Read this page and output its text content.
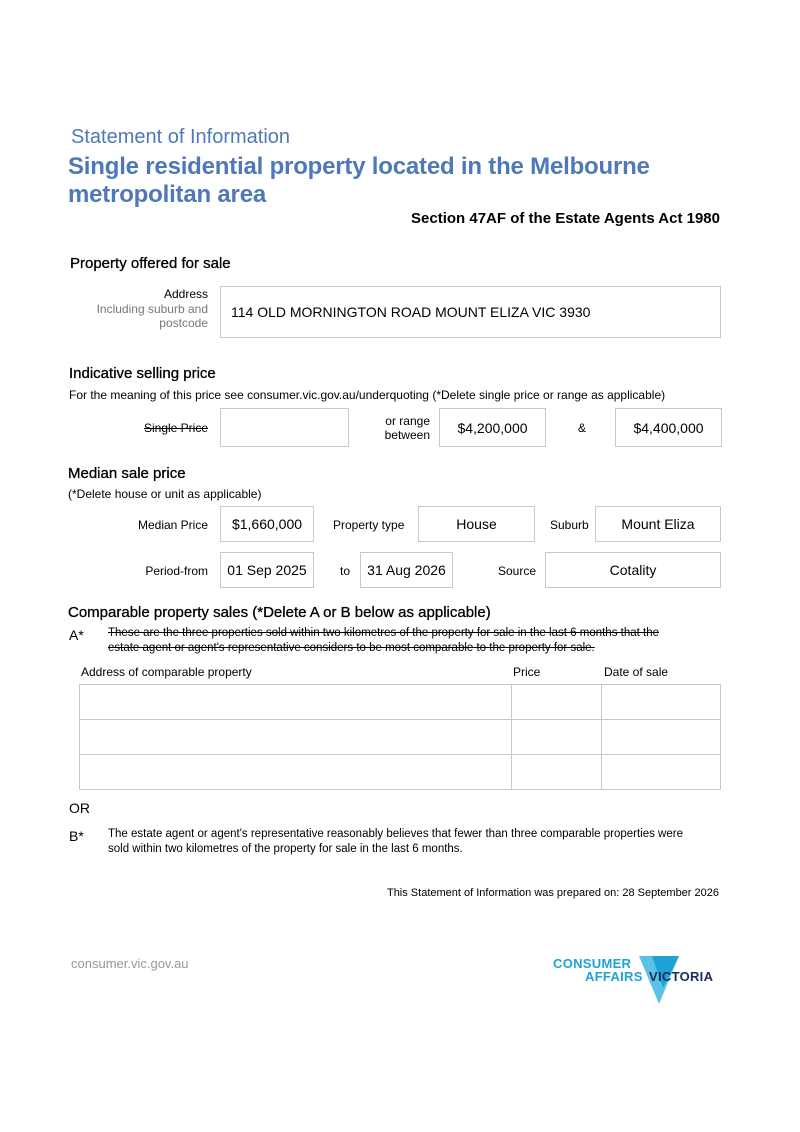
Statement of Information
Single residential property located in the Melbourne
metropolitan area
Section 47AF of the Estate Agents Act 1980
Property offered for sale
Address
Including suburb and
postcode
114 OLD MORNINGTON ROAD MOUNT ELIZA VIC 3930
Indicative selling price
For the meaning of this price see consumer.vic.gov.au/underquoting (*Delete single price or range as applicable)
Single Price	or range
between $4,200,000	&	$4,400,000
Median sale price
(*Delete house or unit as applicable)
Median Price $1,660,000	Property type	House	Suburb Mount Eliza
Period-from 01 Sep 2025	to 31 Aug 2026	Source	Cotality
Comparable property sales (*Delete A or B below as applicable)
A* These are the three properties sold within two kilometres of the property for sale in the last 6 months that the
estate agent or agent's representative considers to be most comparable to the property for sale.
Address of comparable property	Price	Date of sale

OR
B* The estate agent or agent's representative reasonably believes that fewer than three comparable properties were
sold within two kilometres of the property for sale in the last 6 months.
This Statement of Information was prepared on: 28 September 2026
consumer.vic.gov.au	CONSUMER
AFFAIRS VICTORIA
